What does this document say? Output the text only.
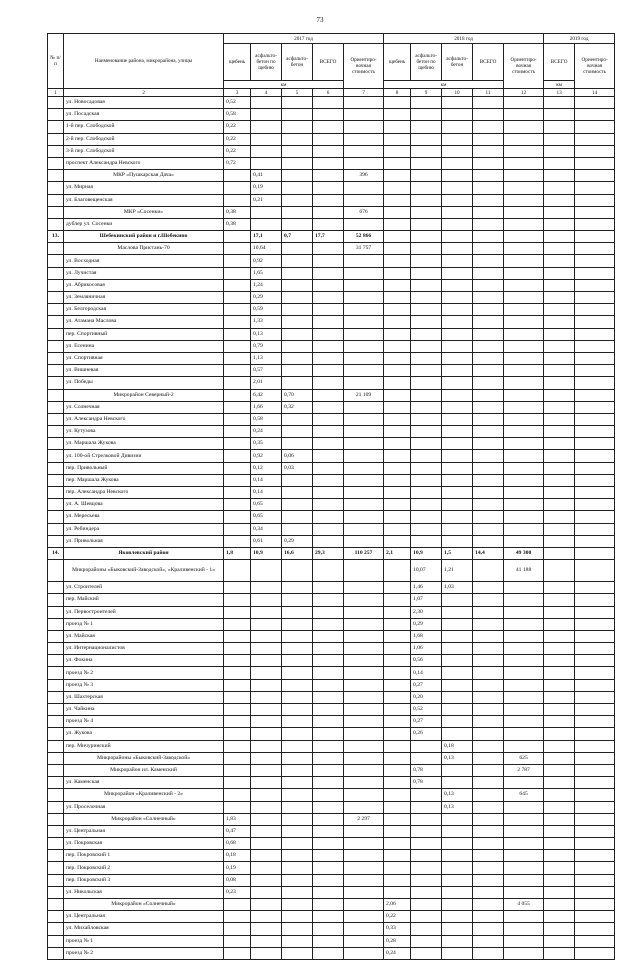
73
№ п/п	Наименование района, микрорайона, улицы	2017 год					2018 год					2019 год	
		щебень	асфальто-бетон по щебню	асфальто-бетон	ВСЕГО	Ориентиро-вочная стоимость	щебень	асфальто-бетон по щебню	асфальто-бетон	ВСЕГО	Ориентиро-вочная стоимость	ВСЕГО	Ориентиро-вочная стоимость
		км					км					км	
1	2	3	4	5	6	7	8	9	10	11	12	13	14
	ул. Новосадовая	0,52											
	ул. Посадская	0,58											
	1-й пер. Слободской	0,22											
	2-й пер. Слободской	0,22											
	3-й пер. Слободской	0,22											
	проспект Александра Невского	0,72											
	МКР «Пушкарская Дача»		0,41			396							
	ул. Мирная		0,19										
	ул. Благовещенская		0,21										
	МКР «Сосенки»	0,38				676							
	дублер ул. Сосенки	0,38											
13.	Шебекинский район и г.Шебекино		17,1	0,7	17,7	52 866							
	Маслова Пристань-70		10,64			31 757							
	ул. Восходная		0,92										
	ул. Лучистая		1,65										
	ул. Абрикосовая		1,24										
	ул. Земляничная		0,29										
	ул. Белгородская		0,59										
	ул. Атамана Маслова		1,33										
	пер. Спортивный		0,13										
	ул. Есенина		0,79										
	ул. Спортивная		1,13										
	ул. Вишневая		0,57										
	ул. Победы		2,01										
	Микрорайон Северный-2		6,42	0,70		21 109							
	ул. Солнечная		1,66	0,32									
	ул. Александра Невского		0,58										
	ул. Кутузова		0,24										
	ул. Маршала Жукова		0,35										
	ул. 100-ой Стрелковой Дивизии		0,92	0,06									
	пер. Привольный		0,12	0,03									
	пер. Маршала Жукова		0,14										
	пер. Александра Невского		0,14										
	ул. А. Шевцова		0,65										
	ул. Мересьева		0,65										
	ул. Ребиндера		0,34										
	ул. Привольная		0,61	0,29									
14.	Яковлевский район	1,8	10,9	16,6	29,3	110 257	2,1	10,9	1,5	14,4	49 300		
	Микрорайоны «Быковский-Заводской», «Краливенский - 1»							10,07	1,21		41 188		
	ул. Строителей							1,46	1,03				
	пер. Майский							1,07					
	ул. Первостроителей							2,30					
	проезд № 1							0,29					
	ул. Майская							1,68					
	ул. Интернационалистов							1,06					
	ул. Фокина							0,56					
	проезд № 2							0,14					
	проезд № 3							0,27					
	ул. Шахтерская							0,20					
	ул. Чайкина							0,52					
	проезд № 4							0,27					
	ул. Жукова							0,26					
	пер. Мичуринский								0,18				
	Микрорайоны «Быковский-Заводской»								0,13		625		
	Микрорайон ил. Каменский							0,78			2 787		
	ул. Каменская							0,78					
	Микрорайон «Краливенский - 2»								0,13		645		
	ул. Проселочная								0,13				
	Микрорайон «Солнечный»	1,83				2 297							
	ул. Центральная	0,47											
	ул. Покровская	0,68											
	пер. Покровский 1	0,18											
	пер. Покровский 2	0,19											
	пер. Покровский 3	0,08											
	ул. Никольская	0,23											
	Микрорайон «Солнечный»						2,06				4 055		
	ул. Центральная						0,22						
	ул. Михайловская						0,33						
	проезд № 1						0,28						
	проезд № 2						0,24						
